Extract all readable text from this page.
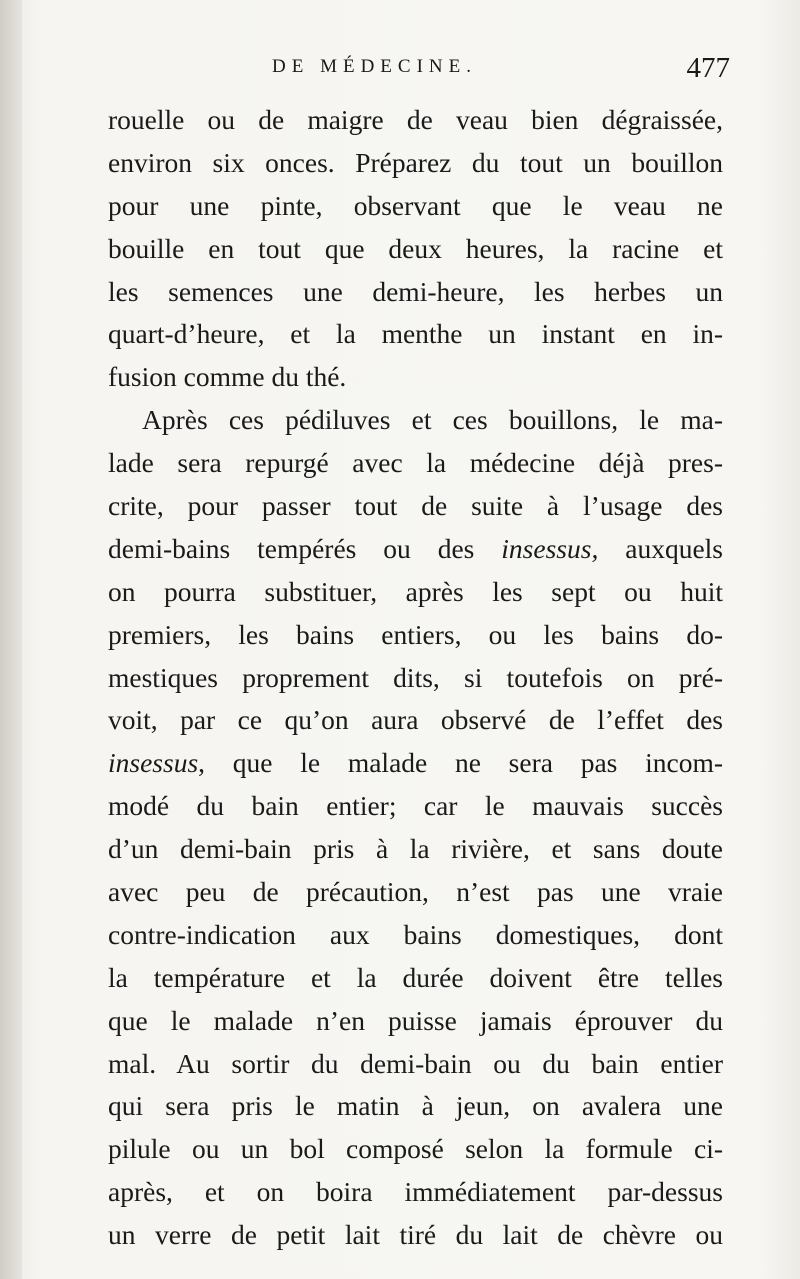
DE MÉDECINE.	477
rouelle ou de maigre de veau bien dégraissée,
environ six onces. Préparez du tout un bouillon
pour une pinte, observant que le veau ne
bouille en tout que deux heures, la racine et
les semences une demi-heure, les herbes un
quart-d’heure, et la menthe un instant en in-
fusion comme du thé.
Après ces pédiluves et ces bouillons, le ma-
lade sera repurgé avec la médecine déjà pres-
crite, pour passer tout de suite à l’usage des
demi-bains tempérés ou des insessus, auxquels
on pourra substituer, après les sept ou huit
premiers, les bains entiers, ou les bains do-
mestiques proprement dits, si toutefois on pré-
voit, par ce qu’on aura observé de l’effet des
insessus, que le malade ne sera pas incom-
modé du bain entier; car le mauvais succès
d’un demi-bain pris à la rivière, et sans doute
avec peu de précaution, n’est pas une vraie
contre-indication aux bains domestiques, dont
la température et la durée doivent être telles
que le malade n’en puisse jamais éprouver du
mal. Au sortir du demi-bain ou du bain entier
qui sera pris le matin à jeun, on avalera une
pilule ou un bol composé selon la formule ci-
après, et on boira immédiatement par-dessus
un verre de petit lait tiré du lait de chèvre ou
